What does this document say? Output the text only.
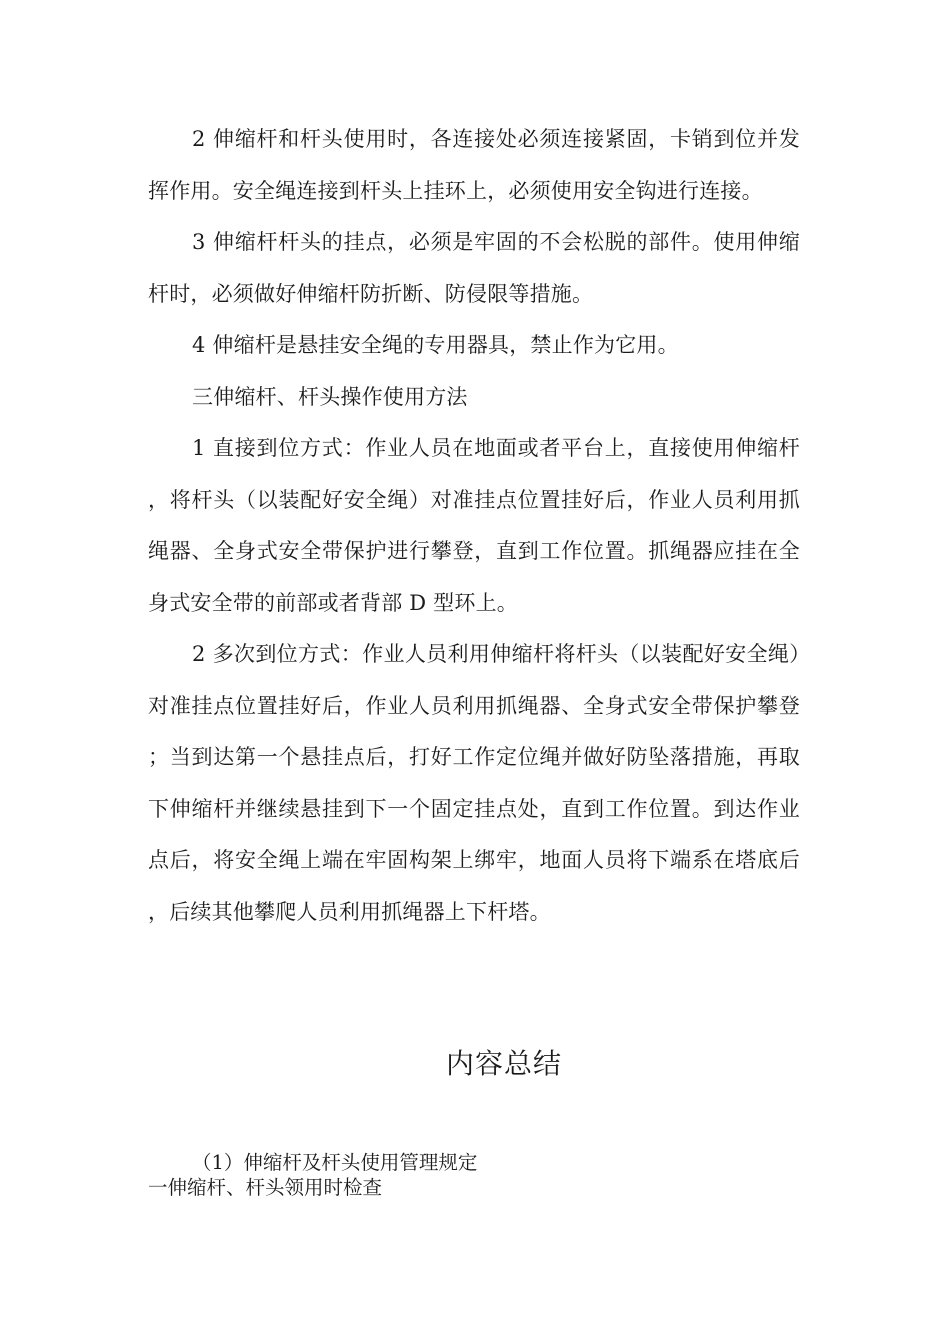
2 伸缩杆和杆头使用时，各连接处必须连接紧固，卡销到位并发挥作用。安全绳连接到杆头上挂环上，必须使用安全钩进行连接。

3 伸缩杆杆头的挂点，必须是牢固的不会松脱的部件。使用伸缩杆时，必须做好伸缩杆防折断、防侵限等措施。

4 伸缩杆是悬挂安全绳的专用器具，禁止作为它用。

三伸缩杆、杆头操作使用方法

1 直接到位方式：作业人员在地面或者平台上，直接使用伸缩杆，将杆头（以装配好安全绳）对准挂点位置挂好后，作业人员利用抓绳器、全身式安全带保护进行攀登，直到工作位置。抓绳器应挂在全身式安全带的前部或者背部 D 型环上。

2 多次到位方式：作业人员利用伸缩杆将杆头（以装配好安全绳）对准挂点位置挂好后，作业人员利用抓绳器、全身式安全带保护攀登；当到达第一个悬挂点后，打好工作定位绳并做好防坠落措施，再取下伸缩杆并继续悬挂到下一个固定挂点处，直到工作位置。到达作业点后，将安全绳上端在牢固构架上绑牢，地面人员将下端系在塔底后，后续其他攀爬人员利用抓绳器上下杆塔。

内容总结

（1）伸缩杆及杆头使用管理规定

一伸缩杆、杆头领用时检查
